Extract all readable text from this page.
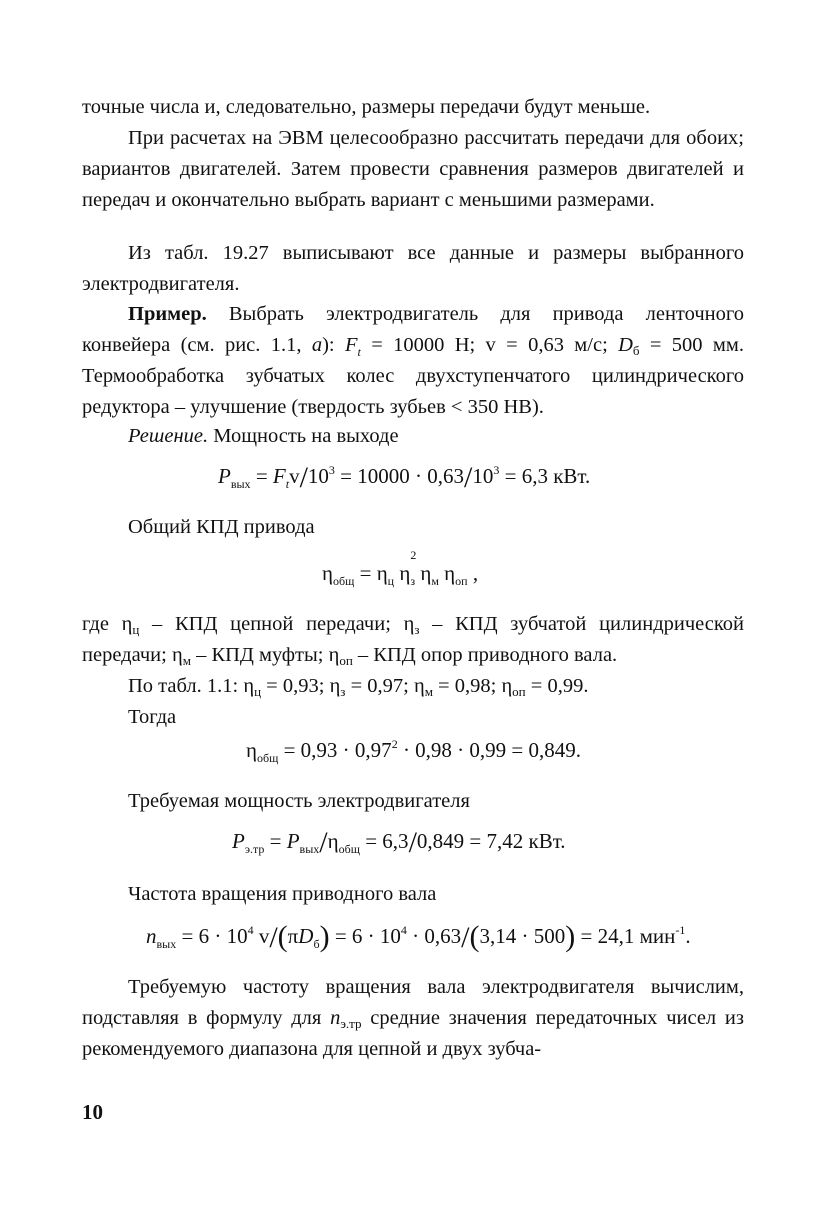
точные числа и, следовательно, размеры передачи будут меньше.

При расчетах на ЭВМ целесообразно рассчитать передачи для обоих; вариантов двигателей. Затем провести сравнения размеров двигателей и передач и окончательно выбрать вариант с меньшими размерами.

Из табл. 19.27 выписывают все данные и размеры выбранного электродвигателя.

Пример. Выбрать электродвигатель для привода ленточного конвейера (см. рис. 1.1, а): $F_t = 10000$ Н; v = 0,63 м/с; Dб = 500 мм. Термообработка зубчатых колес двухступенчатого цилиндрического редуктора – улучшение (твердость зубьев < 350 НВ).

Решение. Мощность на выходе
$P_{вых} = F_tv/10^3 = 10000 \cdot 0,63/10^3 = 6,3$ кВт.
Общий КПД привода
$\eta_{общ} = \eta_ц$ η
2
$_з$ $\eta_м$ $\eta_{оп}$ ,

где ηц – КПД цепной передачи; ηз – КПД зубчатой цилиндрической передачи; ηм – КПД муфты; ηоп – КПД опор приводного вала.

По табл. 1.1: ηц = 0,93; ηз = 0,97; ηм = 0,98; ηоп = 0,99.
Тогда
$\eta_{общ} = 0,93 \cdot 0,97^2 \cdot 0,98 \cdot 0,99 = 0,849$.
Требуемая мощность электродвигателя
$P_{э.тр} = P_{вых}/\eta_{общ} = 6,3/0,849 = 7,42$ кВт.
Частота вращения приводного вала
$n_{вых} = 6 \cdot 10^4$ $v/(\pi D_б) = 6 \cdot 10^4 \cdot 0,63/(3,14 \cdot 500) = 24,1$ мин$^{-1}$.

Требуемую частоту вращения вала электродвигателя вычислим, подставляя в формулу для nэ.тр средние значения передаточных чисел из рекомендуемого диапазона для цепной и двух зубча-

10
